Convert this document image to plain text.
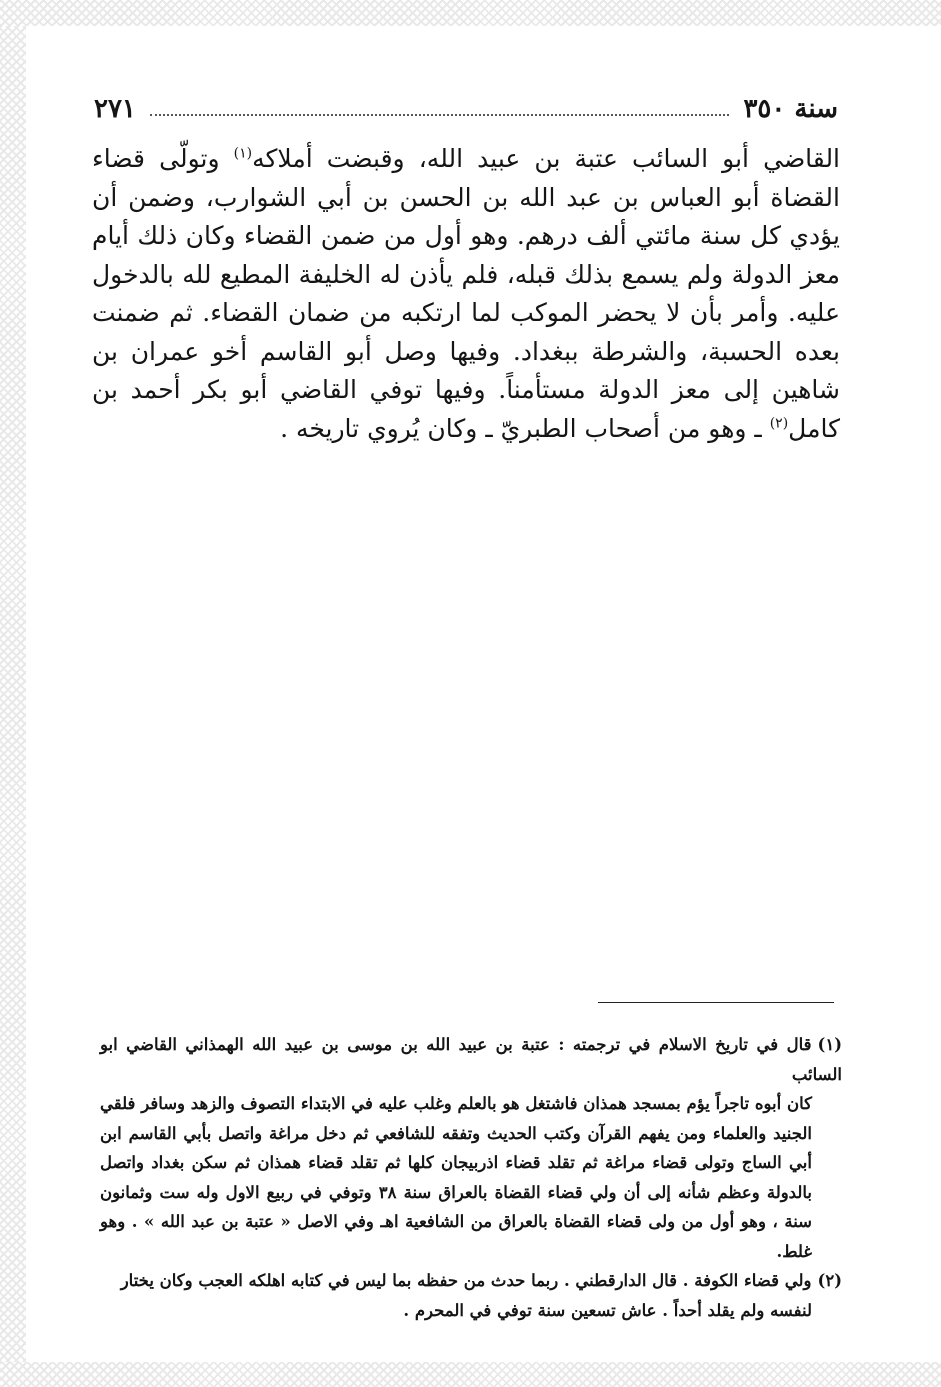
سنة ٣٥٠
٢٧١

القاضي أبو السائب عتبة بن عبيد الله، وقبضت أملاكه$^{(١)}$ وتولّى قضاء القضاة أبو العباس بن عبد الله بن الحسن بن أبي الشوارب، وضمن أن يؤدي كل سنة مائتي ألف درهم. وهو أول من ضمن القضاء وكان ذلك أيام معز الدولة ولم يسمع بذلك قبله، فلم يأذن له الخليفة المطيع لله بالدخول عليه. وأمر بأن لا يحضر الموكب لما ارتكبه من ضمان القضاء. ثم ضمنت بعده الحسبة، والشرطة ببغداد. وفيها وصل أبو القاسم أخو عمران بن شاهين إلى معز الدولة مستأمناً. وفيها توفي القاضي أبو بكر أحمد بن كامل$^{(٢)}$ ـ وهو من أصحاب الطبريّ ـ وكان يُروي تاريخه .

(١)قال في تاريخ الاسلام في ترجمته : عتبة بن عبيد الله بن موسى بن عبيد الله الهمذاني القاضي ابو السائب
كان أبوه تاجراً يؤم بمسجد همذان فاشتغل هو بالعلم وغلب عليه في الابتداء التصوف والزهد وسافر فلقي الجنيد والعلماء ومن يفهم القرآن وكتب الحديث وتفقه للشافعي ثم دخل مراغة واتصل بأبي القاسم ابن أبي الساج وتولى قضاء مراغة ثم تقلد قضاء اذربيجان كلها ثم تقلد قضاء همذان ثم سكن بغداد واتصل بالدولة وعظم شأنه إلى أن ولي قضاء القضاة بالعراق سنة ٣٨ وتوفي في ربيع الاول وله ست وثمانون سنة ، وهو أول من ولى قضاء القضاة بالعراق من الشافعية اهـ وفي الاصل « عتبة بن عبد الله » . وهو غلط.

(٢)ولي قضاء الكوفة . قال الدارقطني . ربما حدث من حفظه بما ليس في كتابه اهلكه العجب وكان يختار
لنفسه ولم يقلد أحداً . عاش تسعين سنة توفي في المحرم .
